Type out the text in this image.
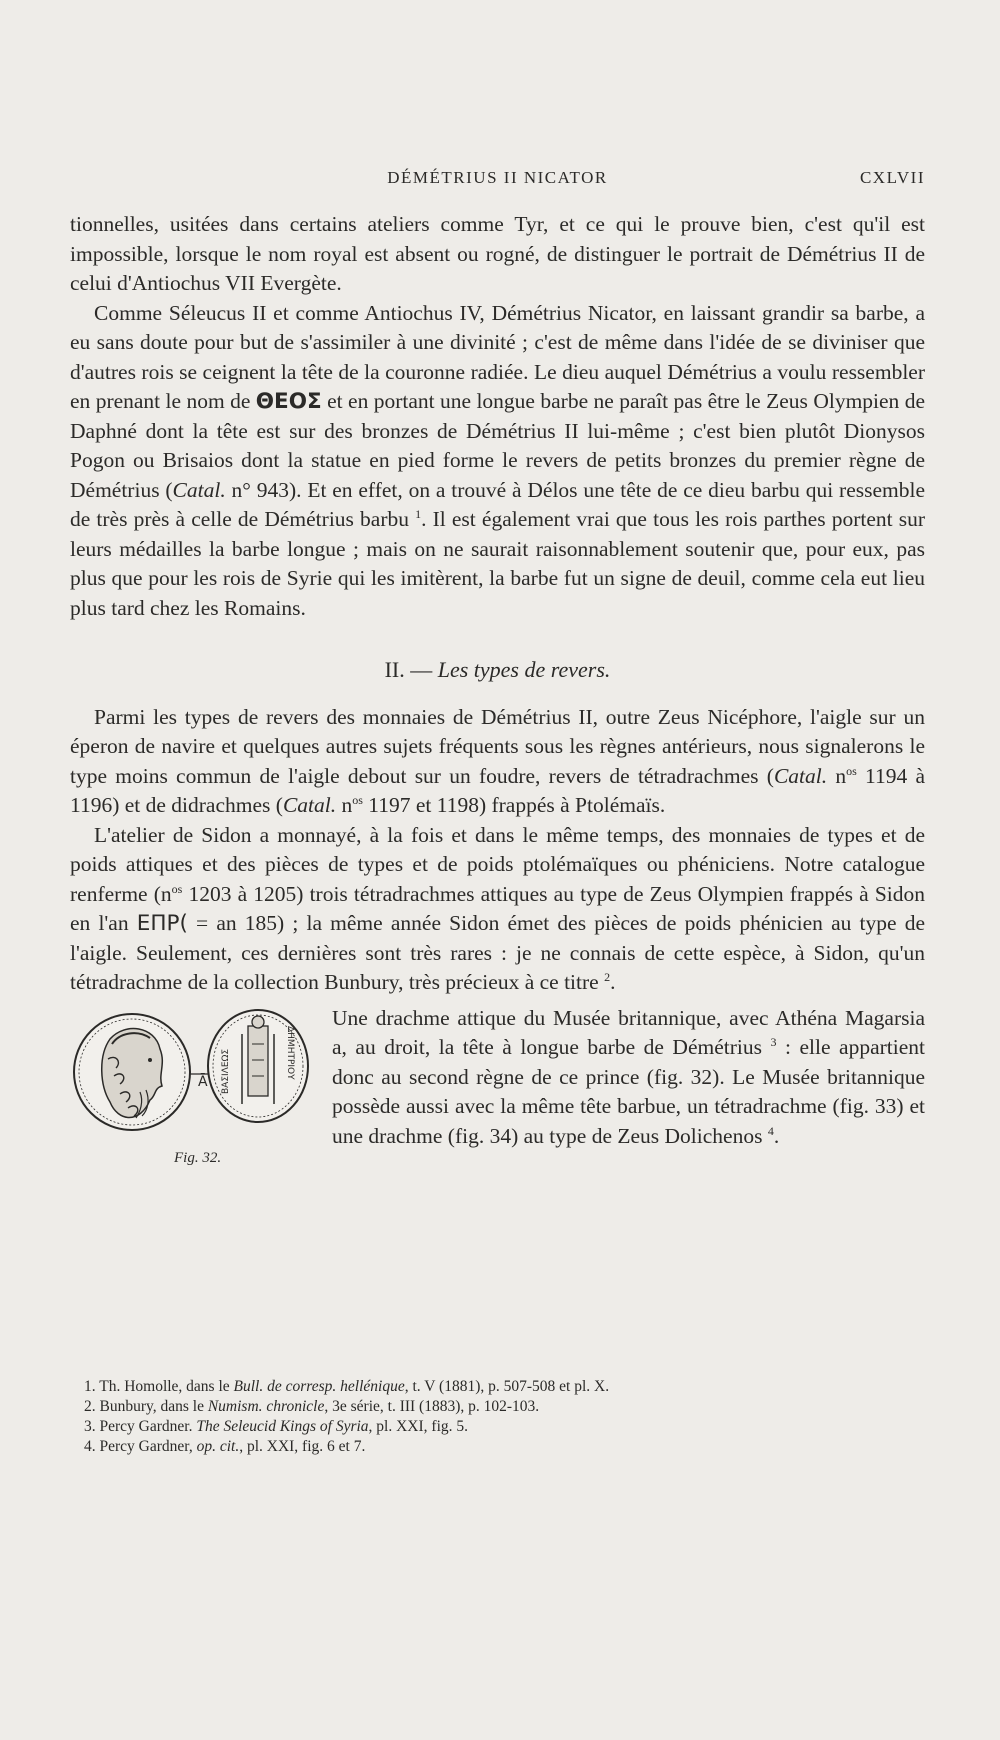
DÉMÉTRIUS II NICATOR	CXLVII

tionnelles, usitées dans certains ateliers comme Tyr, et ce qui le prouve bien, c'est qu'il est impossible, lorsque le nom royal est absent ou rogné, de distinguer le portrait de Démétrius II de celui d'Antiochus VII Evergète.

Comme Séleucus II et comme Antiochus IV, Démétrius Nicator, en laissant grandir sa barbe, a eu sans doute pour but de s'assimiler à une divinité ; c'est de même dans l'idée de se diviniser que d'autres rois se ceignent la tête de la couronne radiée. Le dieu auquel Démétrius a voulu ressembler en prenant le nom de ΘΕΟΣ et en portant une longue barbe ne paraît pas être le Zeus Olympien de Daphné dont la tête est sur des bronzes de Démétrius II lui-même ; c'est bien plutôt Dionysos Pogon ou Brisaios dont la statue en pied forme le revers de petits bronzes du premier règne de Démétrius (Catal. n° 943). Et en effet, on a trouvé à Délos une tête de ce dieu barbu qui ressemble de très près à celle de Démétrius barbu $^1$. Il est également vrai que tous les rois parthes portent sur leurs médailles la barbe longue ; mais on ne saurait raisonnablement soutenir que, pour eux, pas plus que pour les rois de Syrie qui les imitèrent, la barbe fut un signe de deuil, comme cela eut lieu plus tard chez les Romains.

II. — Les types de revers.

Parmi les types de revers des monnaies de Démétrius II, outre Zeus Nicéphore, l'aigle sur un éperon de navire et quelques autres sujets fréquents sous les règnes antérieurs, nous signalerons le type moins commun de l'aigle debout sur un foudre, revers de tétradrachmes (Catal. $n^{os}$ 1194 à 1196) et de didrachmes (Catal. $n^{os}$ 1197 et 1198) frappés à Ptolémaïs.

L'atelier de Sidon a monnayé, à la fois et dans le même temps, des monnaies de types et de poids attiques et des pièces de types et de poids ptolémaïques ou phéniciens. Notre catalogue renferme ($n^{os}$ 1203 à 1205) trois tétradrachmes attiques au type de Zeus Olympien frappés à Sidon en l'an ΕΠΡ( = an 185) ; la même année Sidon émet des pièces de poids phénicien au type de l'aigle. Seulement, ces dernières sont très rares : je ne connais de cette espèce, à Sidon, qu'un tétradrachme de la collection Bunbury, très précieux à ce titre $^2$.

Ā ΒΑΣΙΛΕΩΣ	ΔΗΜΗΤΡΙΟΥ
Fig. 32.

Une drachme attique du Musée britannique, avec Athéna Magarsia a, au droit, la tête à longue barbe de Démétrius $^3$ : elle appartient donc au second règne de ce prince (fig. 32). Le Musée britannique possède aussi avec la même tête barbue, un tétradrachme (fig. 33) et une drachme (fig. 34) au type de Zeus Dolichenos $^4$.

1. Th. Homolle, dans le Bull. de corresp. hellénique, t. V (1881), p. 507-508 et pl. X.
2. Bunbury, dans le Numism. chronicle, 3e série, t. III (1883), p. 102-103.
3. Percy Gardner. The Seleucid Kings of Syria, pl. XXI, fig. 5.
4. Percy Gardner, op. cit., pl. XXI, fig. 6 et 7.
